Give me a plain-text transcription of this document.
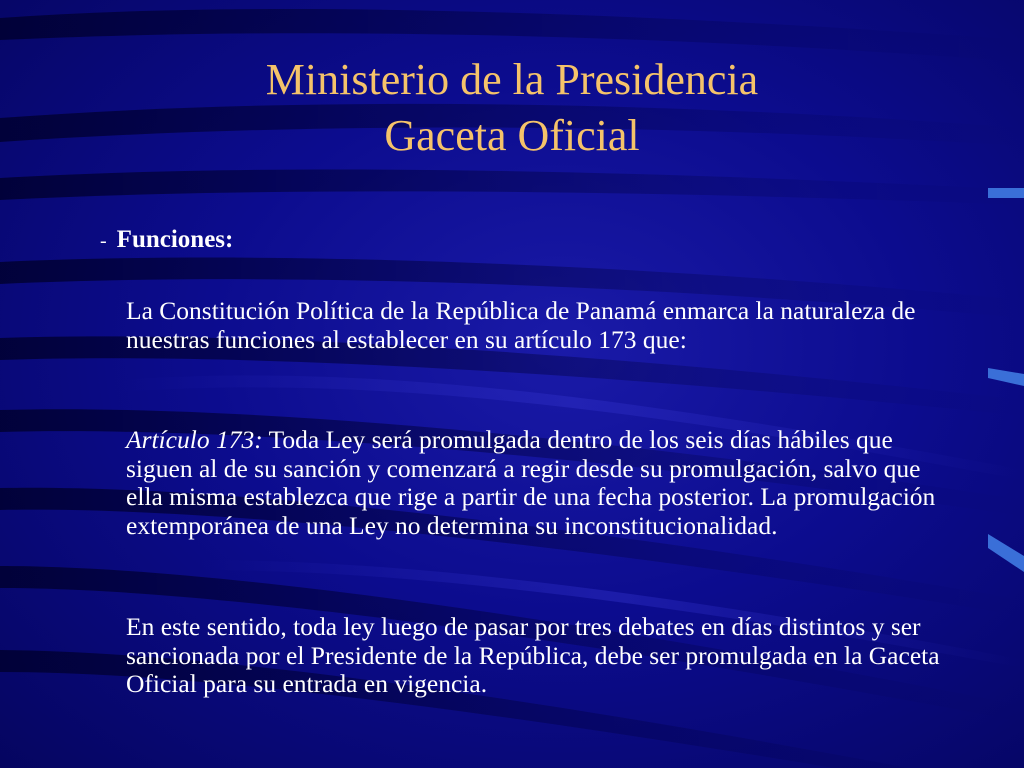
Ministerio de la Presidencia
Gaceta Oficial
- Funciones:
La Constitución Política de la República de Panamá enmarca la naturaleza de nuestras funciones al establecer en su artículo 173 que:
Artículo 173: Toda Ley será promulgada dentro de los seis días hábiles que siguen al de su sanción y comenzará a regir desde su promulgación, salvo que ella misma establezca que rige a partir de una fecha posterior. La promulgación extemporánea de una Ley no determina su inconstitucionalidad.
En este sentido, toda ley luego de pasar por tres debates en días distintos y ser sancionada por el Presidente de la República, debe ser promulgada en la Gaceta Oficial para su entrada en vigencia.
